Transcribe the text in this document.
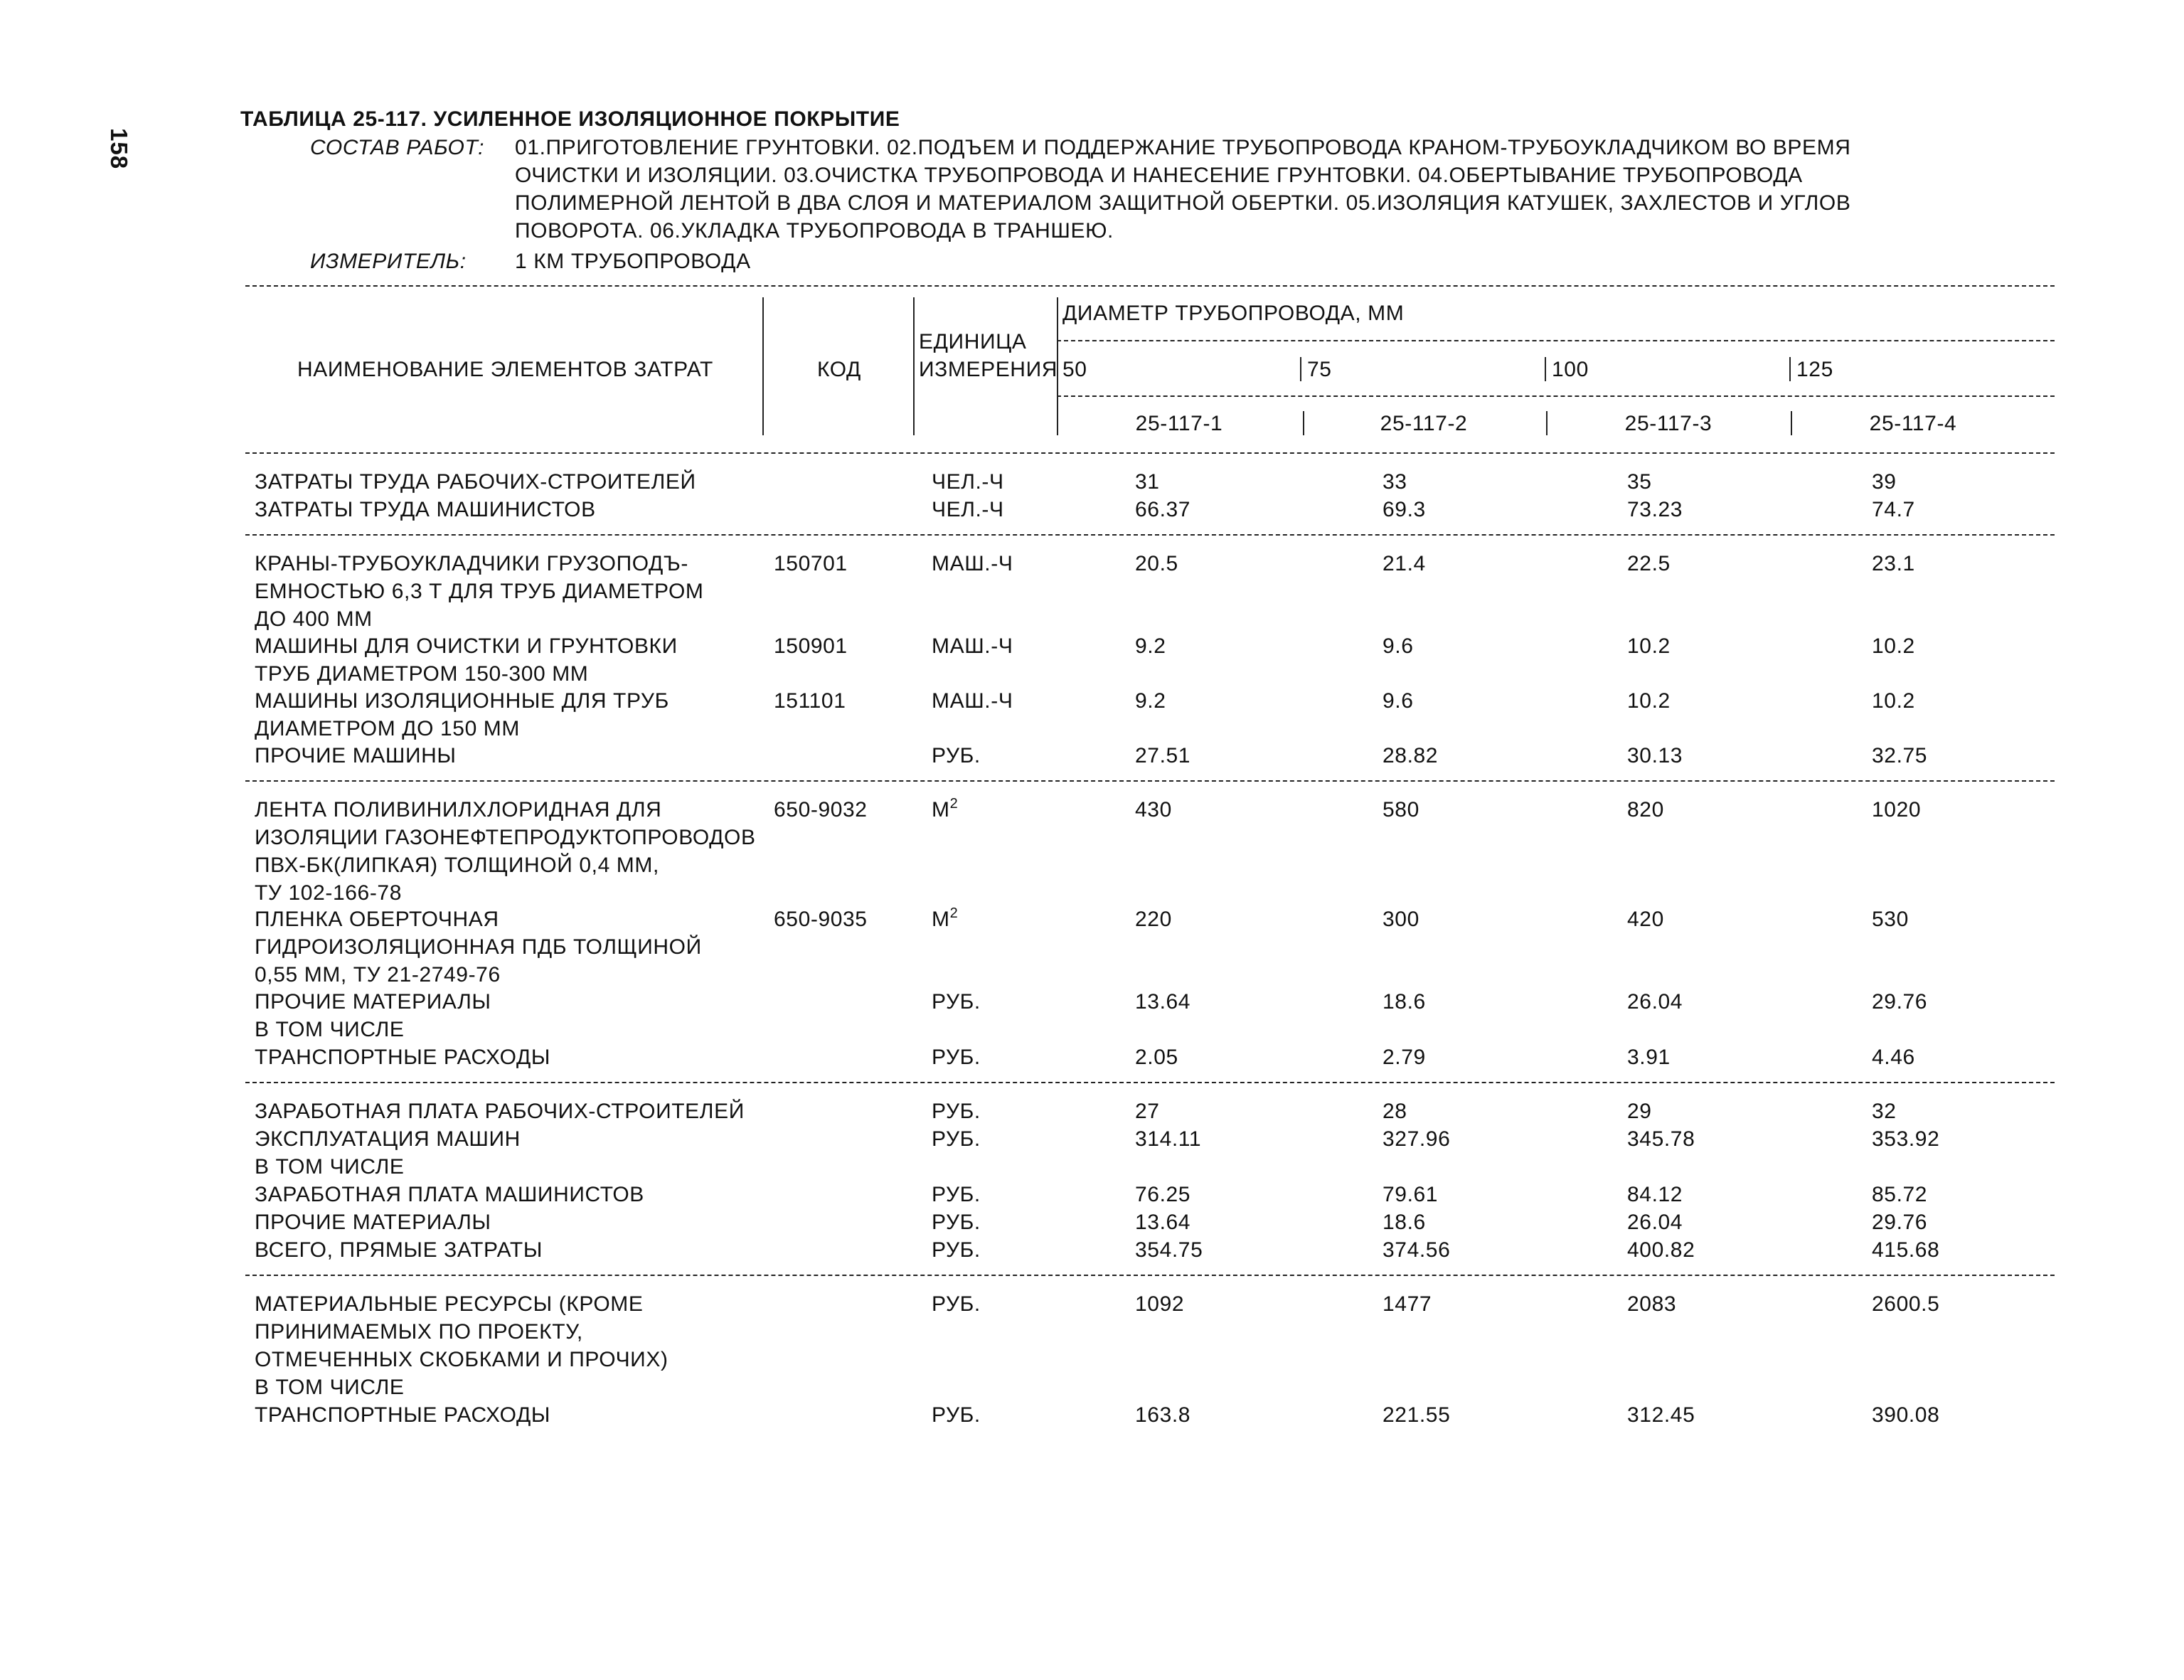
158
ТАБЛИЦА 25-117. УСИЛЕННОЕ ИЗОЛЯЦИОННОЕ ПОКРЫТИЕ
СОСТАВ РАБОТ: 01.ПРИГОТОВЛЕНИЕ ГРУНТОВКИ. 02.ПОДЪЕМ И ПОДДЕРЖАНИЕ ТРУБОПРОВОДА КРАНОМ-ТРУБОУКЛАДЧИКОМ ВО ВРЕМЯ
ОЧИСТКИ И ИЗОЛЯЦИИ. 03.ОЧИСТКА ТРУБОПРОВОДА И НАНЕСЕНИЕ ГРУНТОВКИ. 04.ОБЕРТЫВАНИЕ ТРУБОПРОВОДА
ПОЛИМЕРНОЙ ЛЕНТОЙ В ДВА СЛОЯ И МАТЕРИАЛОМ ЗАЩИТНОЙ ОБЕРТКИ. 05.ИЗОЛЯЦИЯ КАТУШЕК, ЗАХЛЕСТОВ И УГЛОВ
ПОВОРОТА. 06.УКЛАДКА ТРУБОПРОВОДА В ТРАНШЕЮ.
ИЗМЕРИТЕЛЬ: 1 КМ ТРУБОПРОВОДА
НАИМЕНОВАНИЕ ЭЛЕМЕНТОВ ЗАТРАТ	КОД
ЕДИНИЦА
ИЗМЕРЕНИЯ
ДИАМЕТР ТРУБОПРОВОДА, ММ
50	75	100	125
25-117-1	25-117-2	25-117-3	25-117-4
ЗАТРАТЫ ТРУДА РАБОЧИХ-СТРОИТЕЛЕЙ	ЧЕЛ.-Ч	31	33	35	39
ЗАТРАТЫ ТРУДА МАШИНИСТОВ	ЧЕЛ.-Ч	66.37	69.3	73.23	74.7
КРАНЫ-ТРУБОУКЛАДЧИКИ ГРУЗОПОДЪ-
ЕМНОСТЬЮ 6,3 Т ДЛЯ ТРУБ ДИАМЕТРОМ
ДО 400 ММ
150701	МАШ.-Ч	20.5	21.4	22.5	23.1
МАШИНЫ ДЛЯ ОЧИСТКИ И ГРУНТОВКИ
ТРУБ ДИАМЕТРОМ 150-300 ММ
150901	МАШ.-Ч	9.2	9.6	10.2	10.2
МАШИНЫ ИЗОЛЯЦИОННЫЕ ДЛЯ ТРУБ
ДИАМЕТРОМ ДО 150 ММ
151101	МАШ.-Ч	9.2	9.6	10.2	10.2
ПРОЧИЕ МАШИНЫ	РУБ.	27.51	28.82	30.13	32.75
ЛЕНТА ПОЛИВИНИЛХЛОРИДНАЯ ДЛЯ
ИЗОЛЯЦИИ ГАЗОНЕФТЕПРОДУКТОПРОВОДОВ
ПВХ-БК(ЛИПКАЯ) ТОЛЩИНОЙ 0,4 ММ,
ТУ 102-166-78
650-9032	$М^2$	430	580	820	1020
ПЛЕНКА ОБЕРТОЧНАЯ
ГИДРОИЗОЛЯЦИОННАЯ ПДБ ТОЛЩИНОЙ
0,55 ММ, ТУ 21-2749-76
650-9035	$М^2$	220	300	420	530
ПРОЧИЕ МАТЕРИАЛЫ
В ТОМ ЧИСЛЕ
РУБ.	13.64	18.6	26.04	29.76
ТРАНСПОРТНЫЕ РАСХОДЫ	РУБ.	2.05	2.79	3.91	4.46
ЗАРАБОТНАЯ ПЛАТА РАБОЧИХ-СТРОИТЕЛЕЙ	РУБ.	27	28	29	32
ЭКСПЛУАТАЦИЯ МАШИН
В ТОМ ЧИСЛЕ
РУБ.	314.11	327.96	345.78	353.92
ЗАРАБОТНАЯ ПЛАТА МАШИНИСТОВ	РУБ.	76.25	79.61	84.12	85.72
ПРОЧИЕ МАТЕРИАЛЫ	РУБ.	13.64	18.6	26.04	29.76
ВСЕГО, ПРЯМЫЕ ЗАТРАТЫ	РУБ.	354.75	374.56	400.82	415.68
МАТЕРИАЛЬНЫЕ РЕСУРСЫ (КРОМЕ
ПРИНИМАЕМЫХ ПО ПРОЕКТУ,
ОТМЕЧЕННЫХ СКОБКАМИ И ПРОЧИХ)
В ТОМ ЧИСЛЕ
РУБ.	1092	1477	2083	2600.5
ТРАНСПОРТНЫЕ РАСХОДЫ	РУБ.	163.8	221.55	312.45	390.08
